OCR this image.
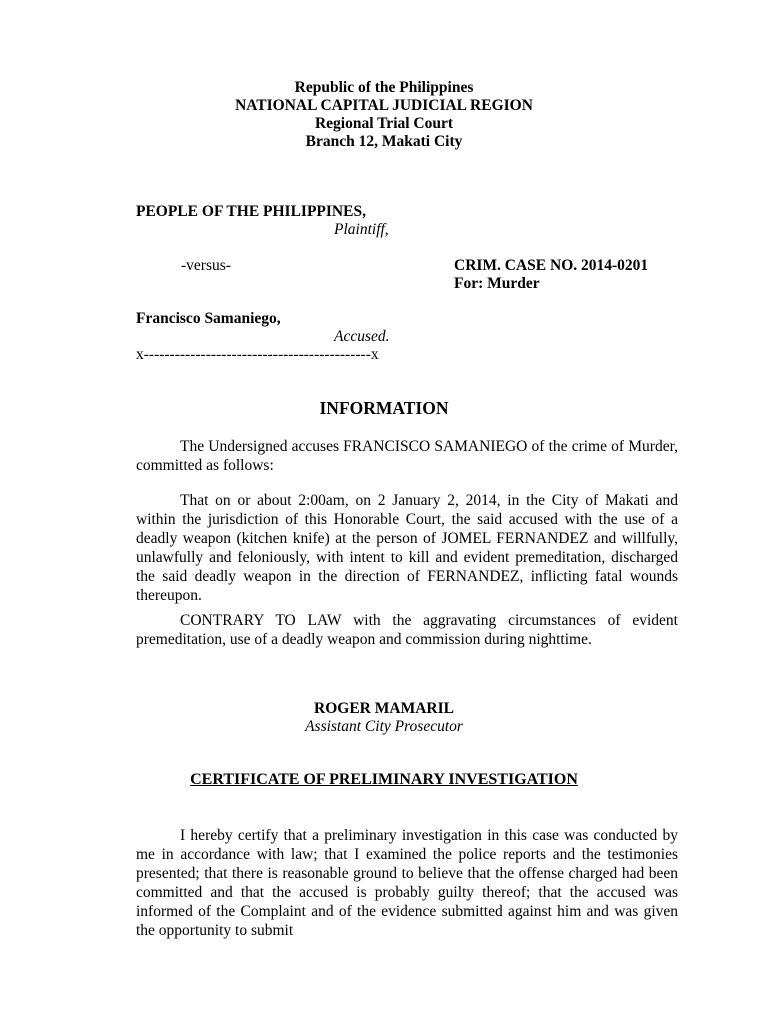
Republic of the Philippines
NATIONAL CAPITAL JUDICIAL REGION
Regional Trial Court
Branch 12, Makati City
PEOPLE OF THE PHILIPPINES,
Plaintiff,
-versus-	CRIM. CASE NO. 2014-0201
For: Murder
Francisco Samaniego,
Accused.
x--------------------------------------------x
INFORMATION

The Undersigned accuses FRANCISCO SAMANIEGO of the crime of Murder, committed as follows:

That on or about 2:00am, on 2 January 2, 2014, in the City of Makati and within the jurisdiction of this Honorable Court, the said accused with the use of a deadly weapon (kitchen knife) at the person of JOMEL FERNANDEZ and willfully, unlawfully and feloniously, with intent to kill and evident premeditation, discharged the said deadly weapon in the direction of FERNANDEZ, inflicting fatal wounds thereupon.

CONTRARY TO LAW with the aggravating circumstances of evident premeditation, use of a deadly weapon and commission during nighttime.

ROGER MAMARIL
Assistant City Prosecutor
CERTIFICATE OF PRELIMINARY INVESTIGATION

I hereby certify that a preliminary investigation in this case was conducted by me in accordance with law; that I examined the police reports and the testimonies presented; that there is reasonable ground to believe that the offense charged had been committed and that the accused is probably guilty thereof; that the accused was informed of the Complaint and of the evidence submitted against him and was given the opportunity to submit
